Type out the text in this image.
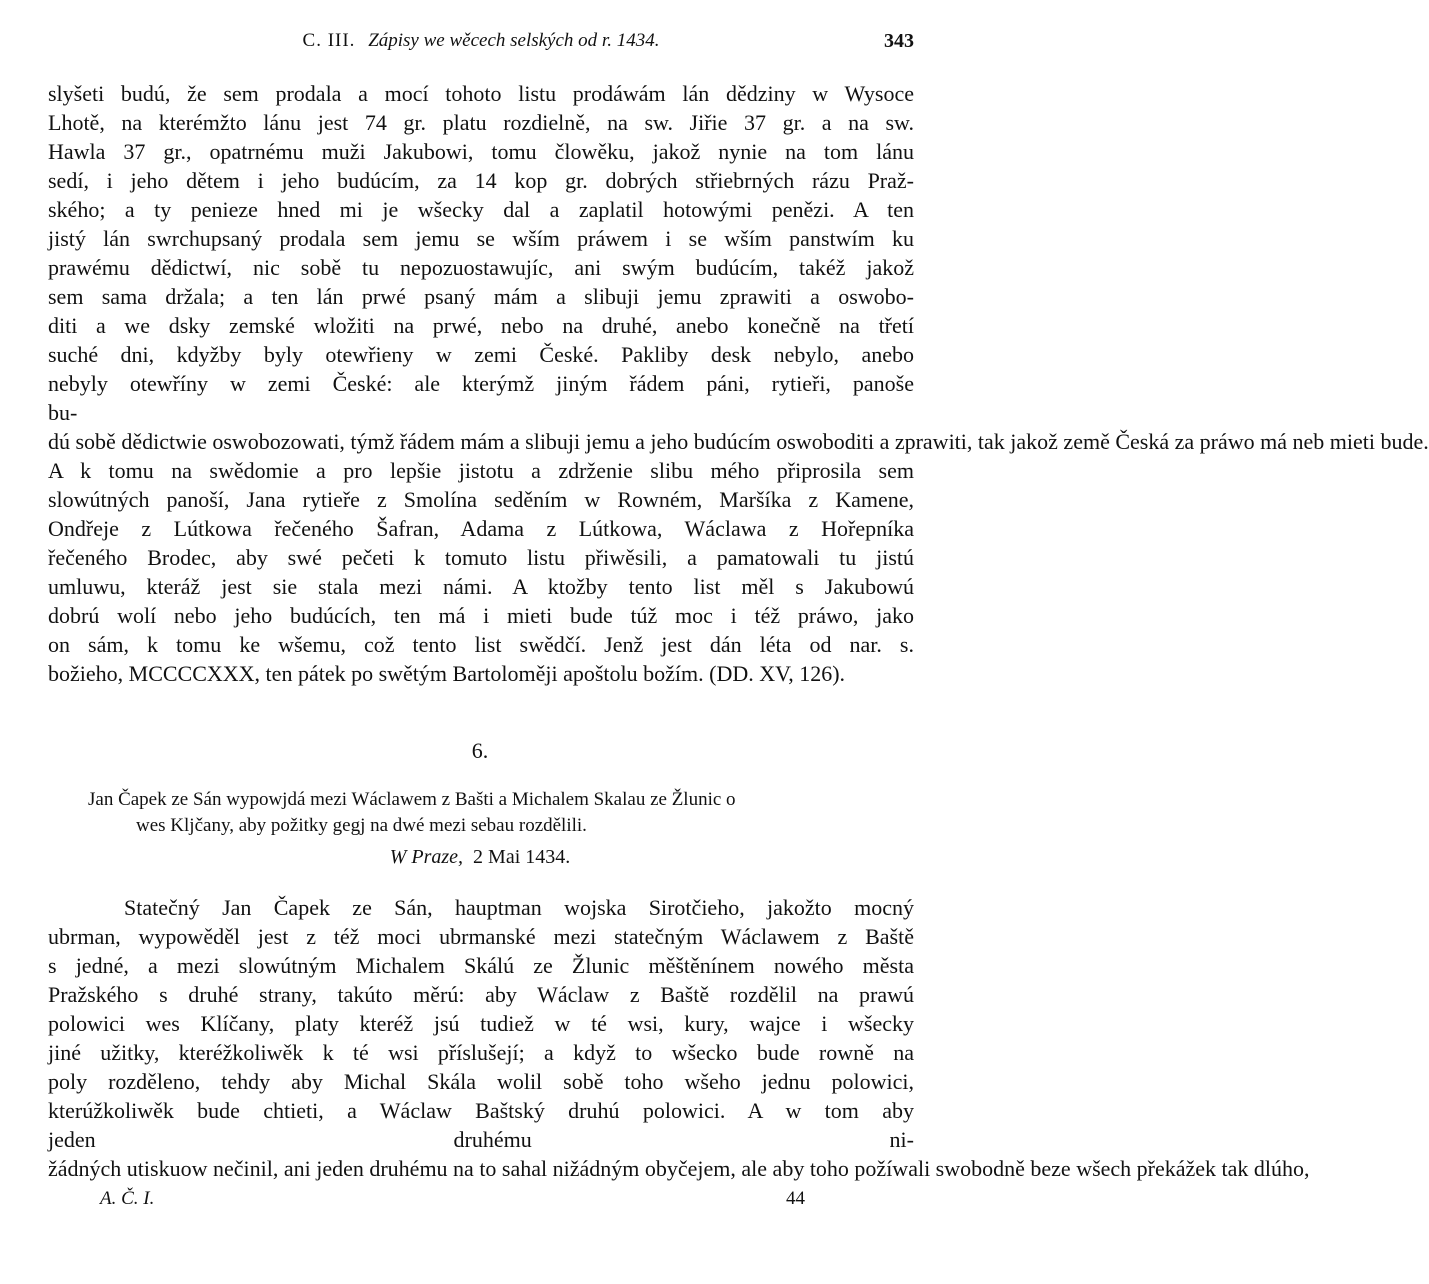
C. III. Zápisy we wěcech selských od r. 1434.	343
slyšeti budú, že sem prodala a mocí tohoto listu prodáwám lán děǳiny w Wysoce
Lhotě, na kterémžto lánu jest 74 gr. platu rozdielně, na sw. Jiřie 37 gr. a na sw.
Hawla 37 gr., opatrnému muži Jakubowi, tomu člowěku, jakož nynie na tom lánu
sedí, i jeho dětem i jeho budúcím, za 14 kop gr. dobrých střiebrných rázu Praž-
ského; a ty penieze hned mi je wšecky dal a zaplatil hotowými penězi. A ten
jistý lán swrchupsaný prodala sem jemu se wším práwem i se wším panstwím ku
prawému dědictwí, nic sobě tu nepozuostawujíc, ani swým budúcím, takéž jakož
sem sama držala; a ten lán prwé psaný mám a slibuji jemu zprawiti a oswobo-
diti a we dsky zemské wložiti na prwé, nebo na druhé, anebo konečně na třetí
suché dni, kdyžby byly otewřieny w zemi České. Pakliby desk nebylo, anebo
nebyly otewříny w zemi České: ale kterýmž jiným řádem páni, rytieři, panoše
bu-
dú sobě dědictwie oswobozowati, týmž řádem mám a slibuji jemu a jeho budúcím oswoboditi a zprawiti, tak jakož země Česká za práwo má neb mieti bude.
A k tomu na swědomie a pro lepšie jistotu a zdrženie slibu mého připrosila sem
slowútných panoší, Jana rytieře z Smolína seděním w Rowném, Maršíka z Kamene,
Ondřeje z Lútkowa řečeného Šafran, Adama z Lútkowa, Wáclawa z Hořepníka
řečeného Brodec, aby swé pečeti k tomuto listu přiwěsili, a pamatowali tu jistú
umluwu, kteráž jest sie stala mezi námi. A ktožby tento list měl s Jakubowú
dobrú wolí nebo jeho budúcích, ten má i mieti bude túž moc i též práwo, jako
on sám, k tomu ke wšemu, což tento list swědčí. Jenž jest dán léta od nar. s.
božieho, MCCCCXXX, ten pátek po swětým Bartoloměji apoštolu božím. (DD. XV, 126).
6.
Jan Čapek ze Sán wypowjdá mezi Wáclawem z Bašti a Michalem Skalau ze Žlunic o
wes Kljčany, aby požitky gegj na dwé mezi sebau rozdělili.
W Praze, 2 Mai 1434.
Statečný Jan Čapek ze Sán, hauptman wojska Sirotčieho, jakožto mocný
ubrman, wypowěděl jest z též moci ubrmanské mezi statečným Wáclawem z Baště
s jedné, a mezi slowútným Michalem Skálú ze Žlunic měštěnínem nowého města
Pražského s druhé strany, takúto měrú: aby Wáclaw z Baště rozdělil na prawú
polowici wes Klíčany, platy kteréž jsú tudiež w té wsi, kury, wajce i wšecky
jiné užitky, kteréžkoliwěk k té wsi příslušejí; a když to wšecko bude rowně na
poly rozděleno, tehdy aby Michal Skála wolil sobě toho wšeho jednu polowici,
kterúžkoliwěk bude chtieti, a Wáclaw Baštský druhú polowici. A w tom aby
jeden druhému ni-
žádných utiskuow nečinil, ani jeden druhému na to sahal nižádným obyčejem, ale aby toho požíwali swobodně beze wšech překážek tak dlúho,
A. Č. I.	44
